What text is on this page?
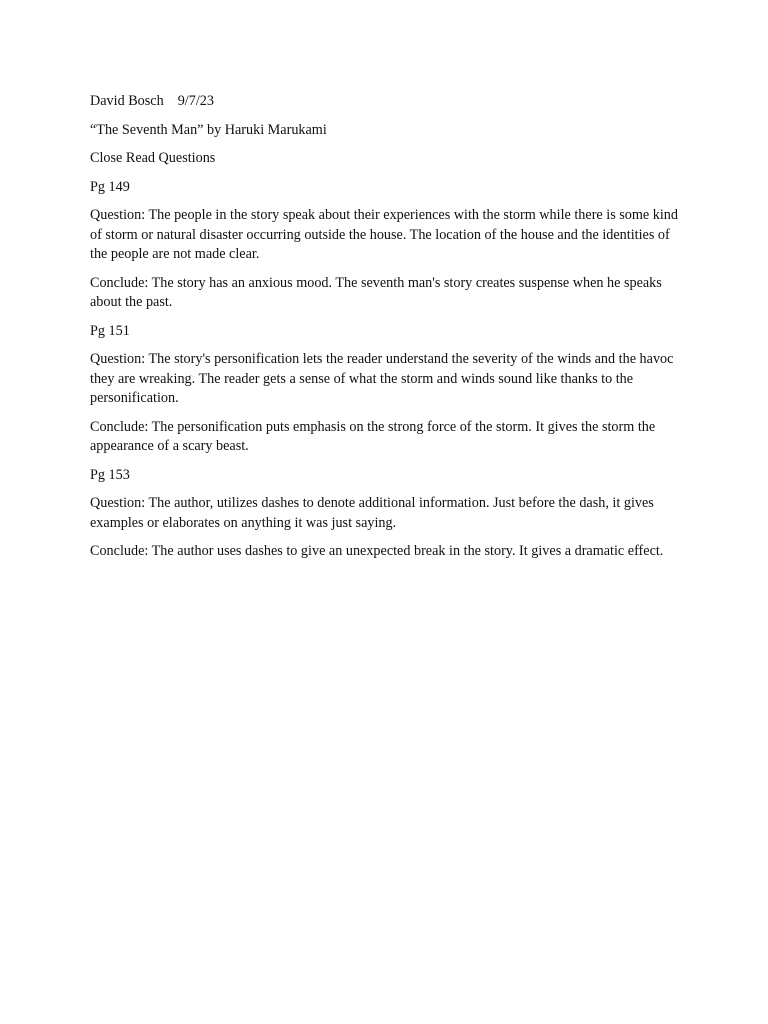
David Bosch 9/7/23

“The Seventh Man” by Haruki Marukami

Close Read Questions

Pg 149

Question: The people in the story speak about their experiences with the storm while there is some kind of storm or natural disaster occurring outside the house. The location of the house and the identities of the people are not made clear.

Conclude: The story has an anxious mood. The seventh man's story creates suspense when he speaks about the past.

Pg 151

Question: The story's personification lets the reader understand the severity of the winds and the havoc they are wreaking. The reader gets a sense of what the storm and winds sound like thanks to the personification.

Conclude: The personification puts emphasis on the strong force of the storm. It gives the storm the appearance of a scary beast.

Pg 153

Question: The author, utilizes dashes to denote additional information. Just before the dash, it gives examples or elaborates on anything it was just saying.

Conclude: The author uses dashes to give an unexpected break in the story. It gives a dramatic effect.
